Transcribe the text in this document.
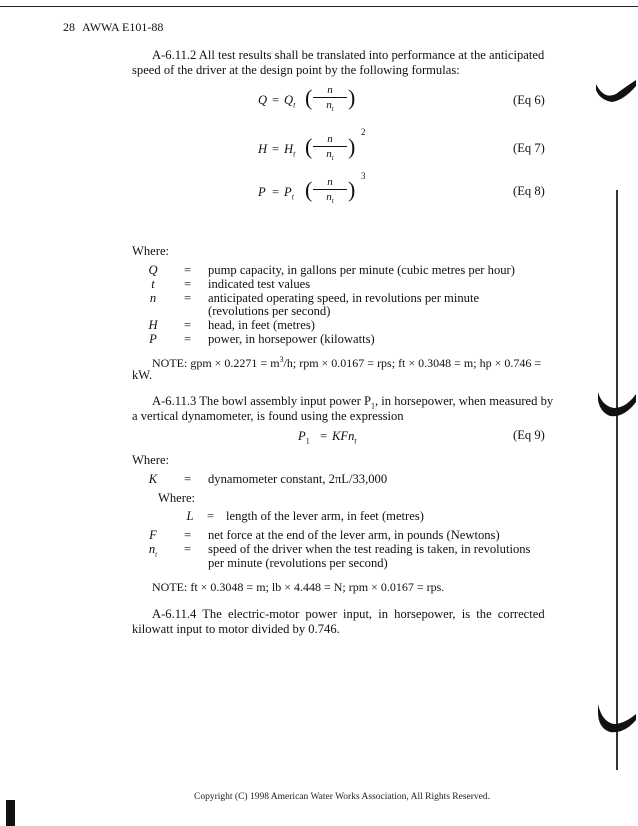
28 AWWA E101-88
A-6.11.2 All test results shall be translated into performance at the anticipated
speed of the driver at the design point by the following formulas:
$Q = Q_t$ (	n
$n_t$ )	(Eq 6)
$H = H_t$ (	n
$n_t$ )
2
(Eq 7)
$P = P_t$ (	n
$n_t$ )
3
(Eq 8)
Where:
Q = pump capacity, in gallons per minute (cubic metres per hour)
t	= indicated test values
n	= anticipated operating speed, in revolutions per minute
(revolutions per second)
H = head, in feet (metres)
P	= power, in horsepower (kilowatts)
NOTE: gpm × $0.2271 = m^3/h$; rpm × 0.0167 = rps; ft × 0.3048 = m; hp × 0.746 =
kW.
A-6.11.3 The bowl assembly input power $P_1$, in horsepower, when measured by
a vertical dynamometer, is found using the expression
$P_1 = KFn_t$	(Eq 9)
Where:
K	= dynamometer constant, 2πL/33,000
Where:
L	= length of the lever arm, in feet (metres)
F	= net force at the end of the lever arm, in pounds (Newtons)
$n_t$	= speed of the driver when the test reading is taken, in revolutions
per minute (revolutions per second)
NOTE: ft × 0.3048 = m; lb × 4.448 = N; rpm × 0.0167 = rps.
A-6.11.4 The electric-motor power input, in horsepower, is the corrected
kilowatt input to motor divided by 0.746.
Copyright (C) 1998 American Water Works Association, All Rights Reserved.
